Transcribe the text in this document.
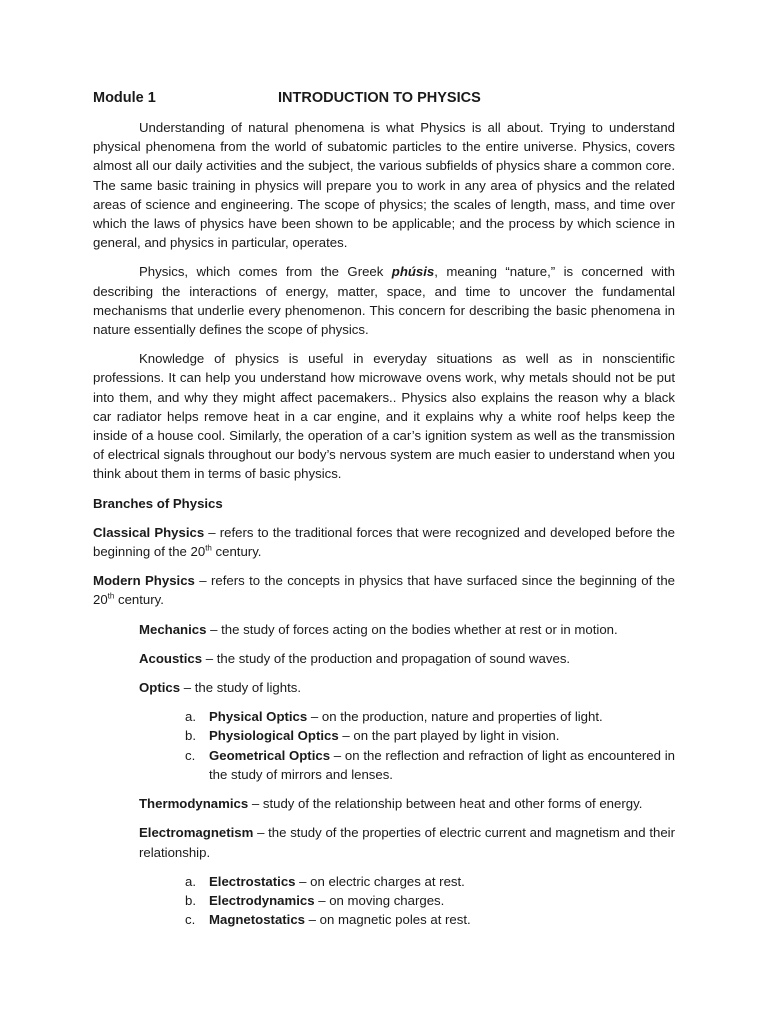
Module 1	INTRODUCTION TO PHYSICS

Understanding of natural phenomena is what Physics is all about. Trying to understand physical phenomena from the world of subatomic particles to the entire universe. Physics, covers almost all our daily activities and the subject, the various subfields of physics share a common core. The same basic training in physics will prepare you to work in any area of physics and the related areas of science and engineering. The scope of physics; the scales of length, mass, and time over which the laws of physics have been shown to be applicable; and the process by which science in general, and physics in particular, operates.

Physics, which comes from the Greek phúsis, meaning “nature,” is concerned with describing the interactions of energy, matter, space, and time to uncover the fundamental mechanisms that underlie every phenomenon. This concern for describing the basic phenomena in nature essentially defines the scope of physics.

Knowledge of physics is useful in everyday situations as well as in nonscientific professions. It can help you understand how microwave ovens work, why metals should not be put into them, and why they might affect pacemakers.. Physics also explains the reason why a black car radiator helps remove heat in a car engine, and it explains why a white roof helps keep the inside of a house cool. Similarly, the operation of a car’s ignition system as well as the transmission of electrical signals throughout our body’s nervous system are much easier to understand when you think about them in terms of basic physics.

Branches of Physics

Classical Physics – refers to the traditional forces that were recognized and developed before the beginning of the 20th century.

Modern Physics – refers to the concepts in physics that have surfaced since the beginning of the 20th century.

Mechanics – the study of forces acting on the bodies whether at rest or in motion.

Acoustics – the study of the production and propagation of sound waves.

Optics – the study of lights.

a. Physical Optics – on the production, nature and properties of light.
b. Physiological Optics – on the part played by light in vision.
c. Geometrical Optics – on the reflection and refraction of light as encountered in the study of mirrors and lenses.

Thermodynamics – study of the relationship between heat and other forms of energy.

Electromagnetism – the study of the properties of electric current and magnetism and their relationship.

a. Electrostatics – on electric charges at rest.
b. Electrodynamics – on moving charges.
c. Magnetostatics – on magnetic poles at rest.
